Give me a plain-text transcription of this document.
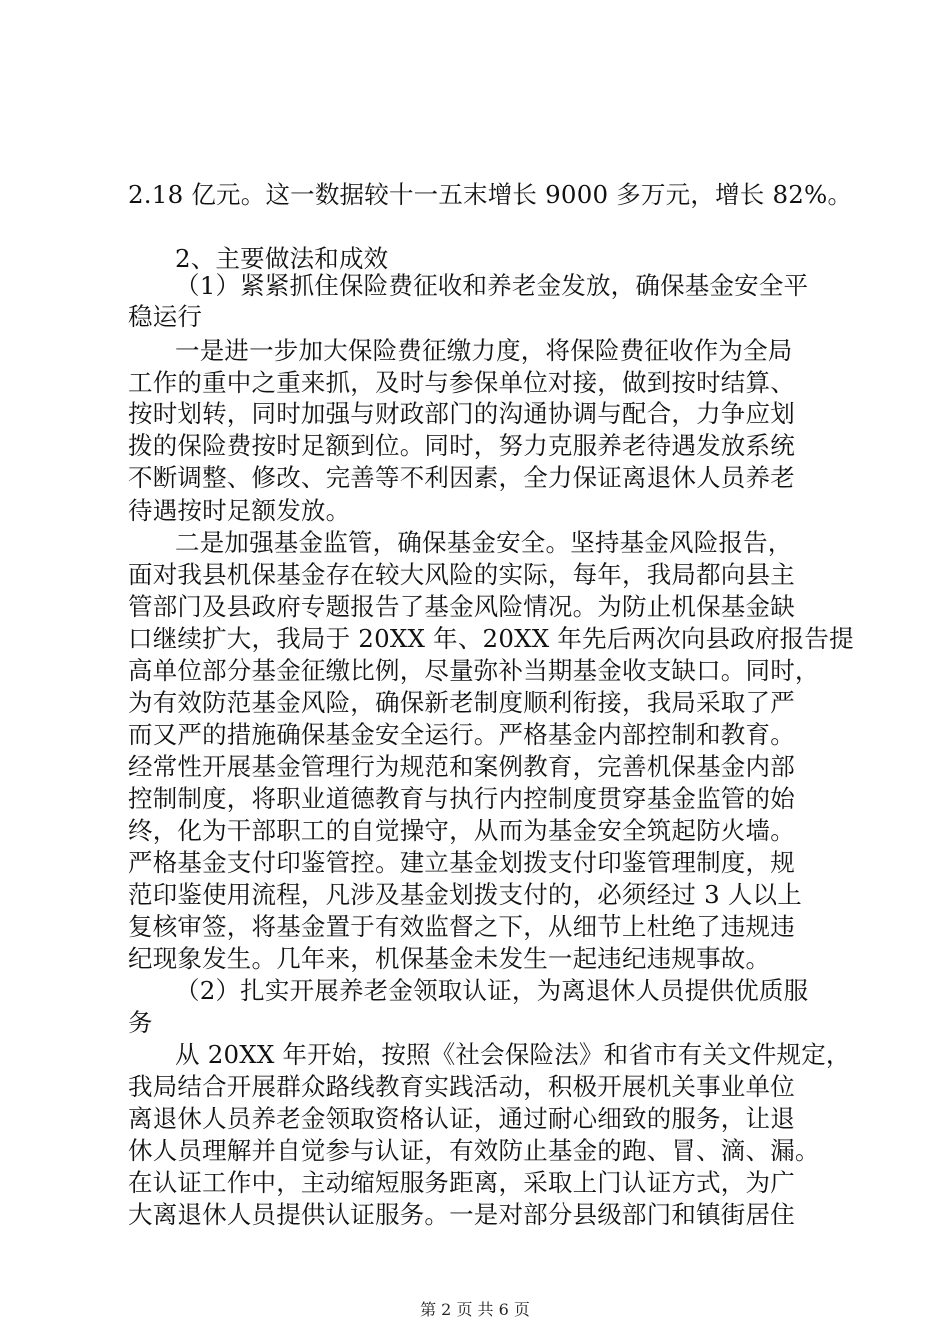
2.18 亿元。这一数据较十一五末增长 9000 多万元，增长 82%。
2、主要做法和成效
（1）紧紧抓住保险费征收和养老金发放，确保基金安全平
稳运行
一是进一步加大保险费征缴力度，将保险费征收作为全局
工作的重中之重来抓，及时与参保单位对接，做到按时结算、
按时划转，同时加强与财政部门的沟通协调与配合，力争应划
拨的保险费按时足额到位。同时，努力克服养老待遇发放系统
不断调整、修改、完善等不利因素，全力保证离退休人员养老
待遇按时足额发放。
二是加强基金监管，确保基金安全。坚持基金风险报告，
面对我县机保基金存在较大风险的实际，每年，我局都向县主
管部门及县政府专题报告了基金风险情况。为防止机保基金缺
口继续扩大，我局于 20XX 年、20XX 年先后两次向县政府报告提
高单位部分基金征缴比例，尽量弥补当期基金收支缺口。同时，
为有效防范基金风险，确保新老制度顺利衔接，我局采取了严
而又严的措施确保基金安全运行。严格基金内部控制和教育。
经常性开展基金管理行为规范和案例教育，完善机保基金内部
控制制度，将职业道德教育与执行内控制度贯穿基金监管的始
终，化为干部职工的自觉操守，从而为基金安全筑起防火墙。
严格基金支付印鉴管控。建立基金划拨支付印鉴管理制度，规
范印鉴使用流程，凡涉及基金划拨支付的，必须经过 3 人以上
复核审签，将基金置于有效监督之下，从细节上杜绝了违规违
纪现象发生。几年来，机保基金未发生一起违纪违规事故。
（2）扎实开展养老金领取认证，为离退休人员提供优质服
务
从 20XX 年开始，按照《社会保险法》和省市有关文件规定，
我局结合开展群众路线教育实践活动，积极开展机关事业单位
离退休人员养老金领取资格认证，通过耐心细致的服务，让退
休人员理解并自觉参与认证，有效防止基金的跑、冒、滴、漏。
在认证工作中，主动缩短服务距离，采取上门认证方式，为广
大离退休人员提供认证服务。一是对部分县级部门和镇街居住
第 2 页 共 6 页
